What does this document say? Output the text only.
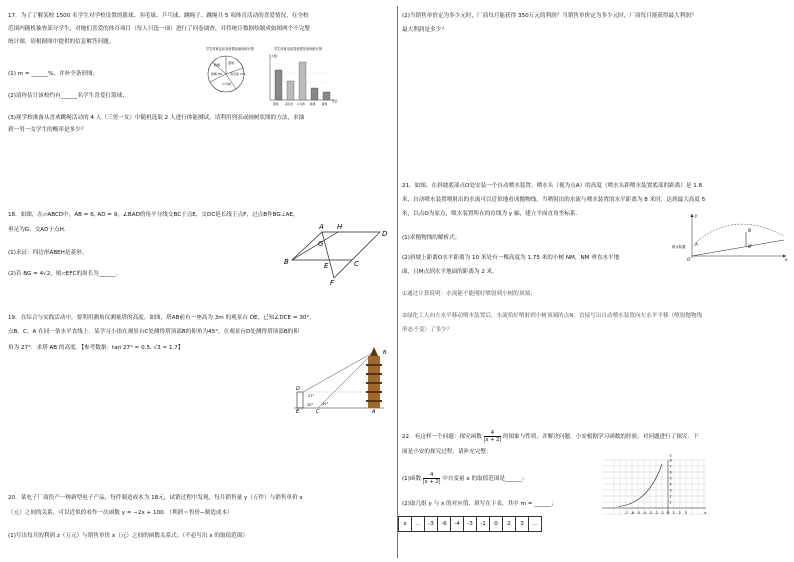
17．为了了解某校 1500 名学生对学校设置的篮球、羽毛球、乒乓球、跳绳子、跳绳共 5 项体育活动的喜爱情况，在全校
范围内随机抽查部分学生，对她们喜爱的体育项目（每人只选一项）进行了问卷调查，并将统计数据绘制成如图两个不完整
统计图，请根据图中提供的信息解答问题。
学生体育活动喜爱情况扇形统计图
篮球
羽毛球 m%
乒乓球
跳绳 8%
跳绳
学生体育活动喜爱情况条形统计图
人数
篮球	羽毛球 乒乓球 跳绳	跳绳
项目
(1) m = ______%，并补全条形图；
(2)请你估计该校约有______名学生喜爱打篮球；
(3)现学校准备从喜欢跳绳活动的 4 人（三男一女）中随机选取 2 人进行体能测试，请利用列表或画树状图的方法，求抽
到一男一女学生的概率是多少？
18．如图，在▱ABCD中，AB = 6, AD = 9，∠BAD的角平分线交BC于点E，交DC延长线于点F，过点B作BG⊥AE，
垂足为G，交AD于点H.
(1)求证：四边形ABEH是菱形；
(2)若 BG = 4√2，则▱EFC的周长为______.
A H
D
G
B	E	C
F
19．在综合与实践活动中，要利用测角仪测量塔的高度。如图，塔AB前有一座高为 3m 的观景台 DE，已知∠DCE = 30°，
点B、C、A 在同一条水平直线上．某学习小组在观景台C处测得塔顶部B的仰角为45°，在观景台D处测得塔顶部B的仰
角为 27°．求塔 AB 的高度．【参考数据：tan 27° ≈ 0.5, √3 ≈ 1.7】
D
E	C	A
B
27°
45°
30°
20．某电子厂商投产一种新型电子产品，每件制造成本为 18元，试销过程中发现，每月销售量 y（万件）与销售单价 x
（元）之间的关系，可以近似的看作一次函数 y = −2x + 100．（利润＝售价−制造成本）
(1)写出每月的利润 z（万元）与销售单价 x（元）之间的函数关系式；（不必写出 x 的取值范围）
(2)当销售单价定为多少元时，厂商每月能获得 350万元的利润？当销售单价定为多少元时，厂商每月能获得最大利润？
最大利润是多少？
21．如图，在斜坡底部点O处安装一个自动喷水装置，喷水头（视为点A）的高度（喷水头距喷水装置底部的距离）是 1.8
米，自动喷水装置喷射出的水流可以近似地看成抛物线，当喷射出的水流与喷水装置的水平距离为 8 米时，达到最大高度 5
米，以点O为原点，喷水装置所在的直线为 y 轴，建立平面直角坐标系．
(1)求抛物线的解析式；
(2)斜坡上距离O水平距离为 10 米处有一棵高度为 1.75 米的小树 NM，NM 垂直水平地
面，且M点到水平地面的距离为 2 米。
①通过计算说明：水流能不能刚好喷射到小树的顶端；
②绿化工人向左水平移动喷水装置后，水流恰好喷射到小树顶端的点N，直接写出自动喷水装置向左水平平移（喷射抛物线
形态不变）了多少？
y
A
O	x
N
M
喷水装置
22．有这样一个问题：探究函数 $\frac{4}{|x + 2|}$ 的图象与性质，并解决问题．小安根据学习函数的经验，对问题进行了探究．下
面是小安的探究过程，请补充完整：
(1)函数 $\frac{4}{|x + 2|}$ 中自变量 x 的取值范围是______；
(2)取几组 y 与 x 的对应值，填写在下表，其中 m = ______；
x	…	-3	-6	-4	-3	-1	0	2	3	…
-7 -6 -5 -4 -3 -2 -1 O 1 2 3	x
8
7
6
5
4
3
2
1
y
